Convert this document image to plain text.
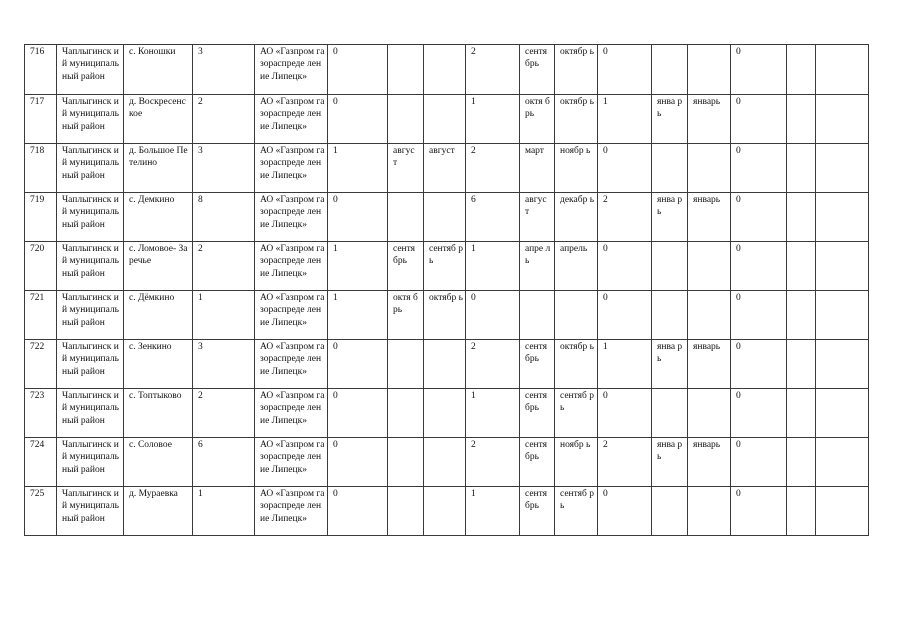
716	Чаплыгинск ий муниципаль ный район	с. Коношки	3	АО «Газпром газораспреде ление Липецк»	0			2	сентя брь	октябр ь	0			0		
717	Чаплыгинск ий муниципаль ный район	д. Воскресенс кое	2	АО «Газпром газораспреде ление Липецк»	0			1	октя брь	октябр ь	1	янва рь	январь	0		
718	Чаплыгинск ий муниципаль ный район	д. Большое Петелино	3	АО «Газпром газораспреде ление Липецк»	1	авгус т	август	2	март	ноябр ь	0			0		
719	Чаплыгинск ий муниципаль ный район	с. Демкино	8	АО «Газпром газораспреде ление Липецк»	0			6	авгус т	декабр ь	2	янва рь	январь	0		
720	Чаплыгинск ий муниципаль ный район	с. Ломовое- Заречье	2	АО «Газпром газораспреде ление Липецк»	1	сентя брь	сентяб рь	1	апре ль	апрель	0			0		
721	Чаплыгинск ий муниципаль ный район	с. Дёмкино	1	АО «Газпром газораспреде ление Липецк»	1	октя брь	октябр ь	0			0			0		
722	Чаплыгинск ий муниципаль ный район	с. Зенкино	3	АО «Газпром газораспреде ление Липецк»	0			2	сентя брь	октябр ь	1	янва рь	январь	0		
723	Чаплыгинск ий муниципаль ный район	с. Топтыково	2	АО «Газпром газораспреде ление Липецк»	0			1	сентя брь	сентяб рь	0			0		
724	Чаплыгинск ий муниципаль ный район	с. Соловое	6	АО «Газпром газораспреде ление Липецк»	0			2	сентя брь	ноябр ь	2	янва рь	январь	0		
725	Чаплыгинск ий муниципаль ный район	д. Мураевка	1	АО «Газпром газораспреде ление Липецк»	0			1	сентя брь	сентяб рь	0			0		
